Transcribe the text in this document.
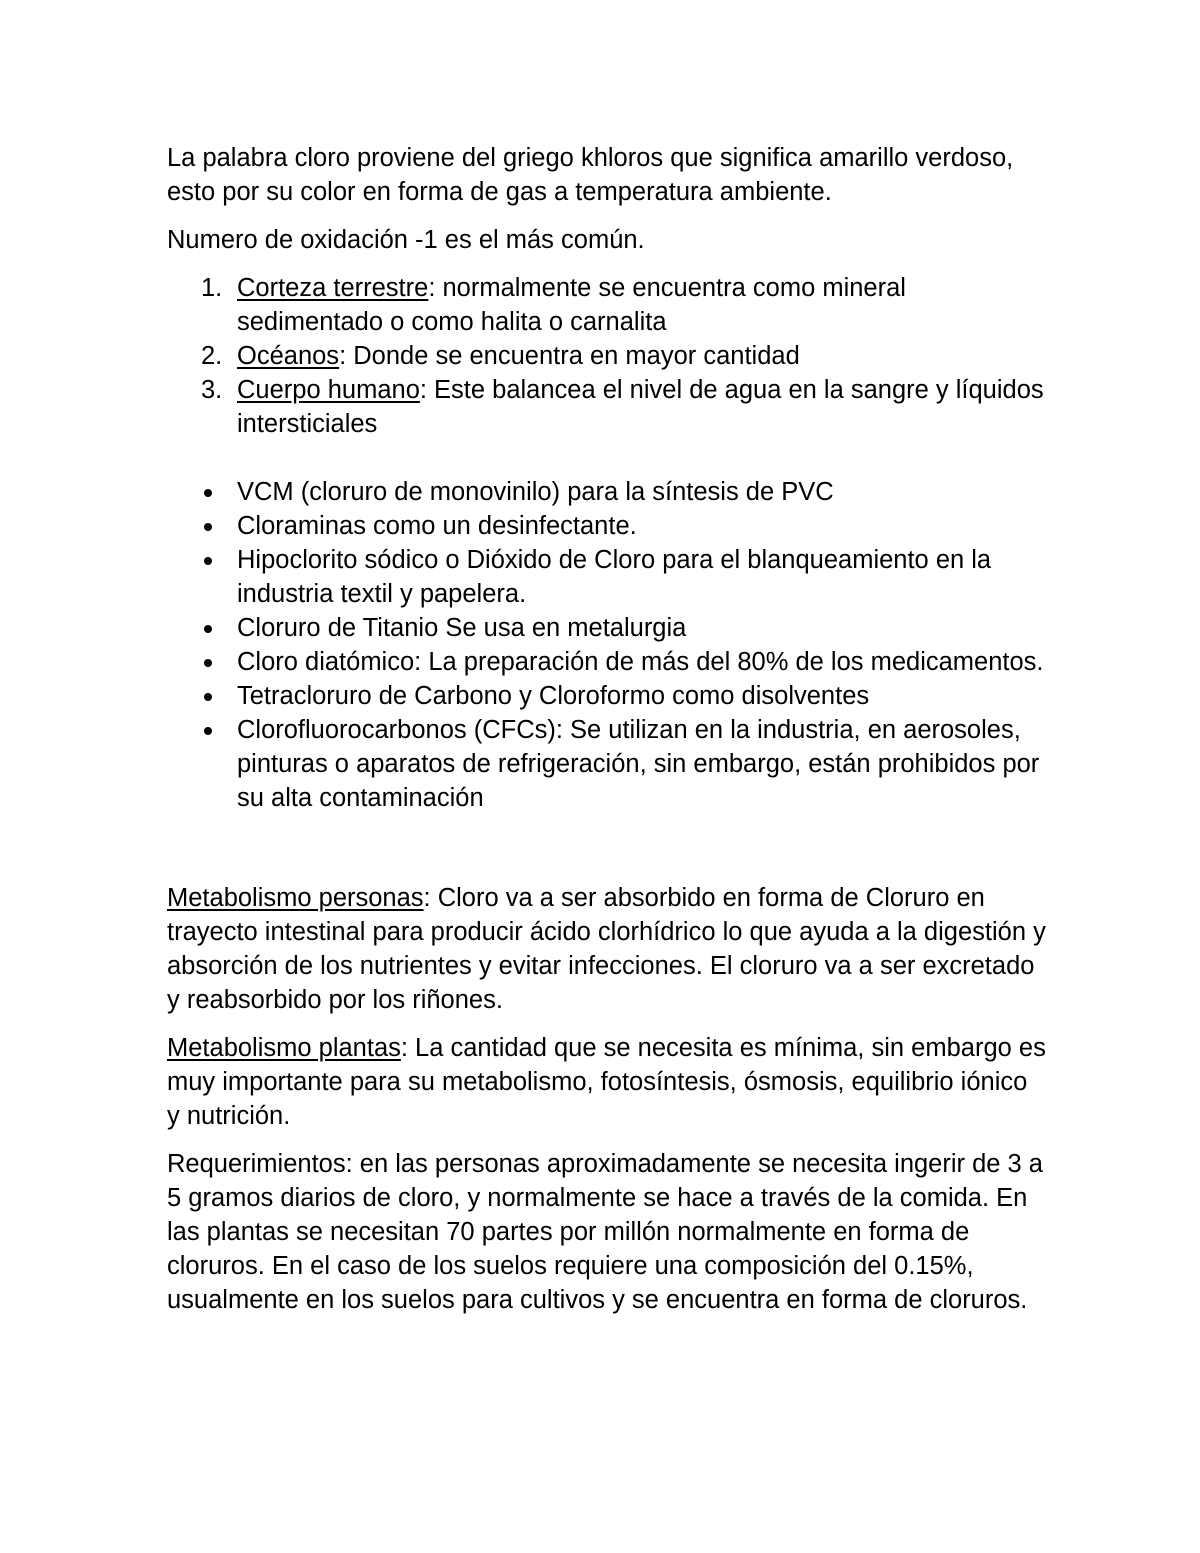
La palabra cloro proviene del griego khloros que significa amarillo verdoso, esto por su color en forma de gas a temperatura ambiente.

Numero de oxidación -1 es el más común.

1. Corteza terrestre: normalmente se encuentra como mineral sedimentado o como halita o carnalita
2. Océanos: Donde se encuentra en mayor cantidad
3. Cuerpo humano: Este balancea el nivel de agua en la sangre y líquidos intersticiales
VCM (cloruro de monovinilo) para la síntesis de PVC
Cloraminas como un desinfectante.
Hipoclorito sódico o Dióxido de Cloro para el blanqueamiento en la industria textil y papelera.
Cloruro de Titanio Se usa en metalurgia
Cloro diatómico: La preparación de más del 80% de los medicamentos.
Tetracloruro de Carbono y Cloroformo como disolventes
Clorofluorocarbonos (CFCs): Se utilizan en la industria, en aerosoles, pinturas o aparatos de refrigeración, sin embargo, están prohibidos por su alta contaminación

Metabolismo personas: Cloro va a ser absorbido en forma de Cloruro en trayecto intestinal para producir ácido clorhídrico lo que ayuda a la digestión y absorción de los nutrientes y evitar infecciones. El cloruro va a ser excretado y reabsorbido por los riñones.

Metabolismo plantas: La cantidad que se necesita es mínima, sin embargo es muy importante para su metabolismo, fotosíntesis, ósmosis, equilibrio iónico y nutrición.

Requerimientos: en las personas aproximadamente se necesita ingerir de 3 a 5 gramos diarios de cloro, y normalmente se hace a través de la comida. En las plantas se necesitan 70 partes por millón normalmente en forma de cloruros. En el caso de los suelos requiere una composición del 0.15%, usualmente en los suelos para cultivos y se encuentra en forma de cloruros.
